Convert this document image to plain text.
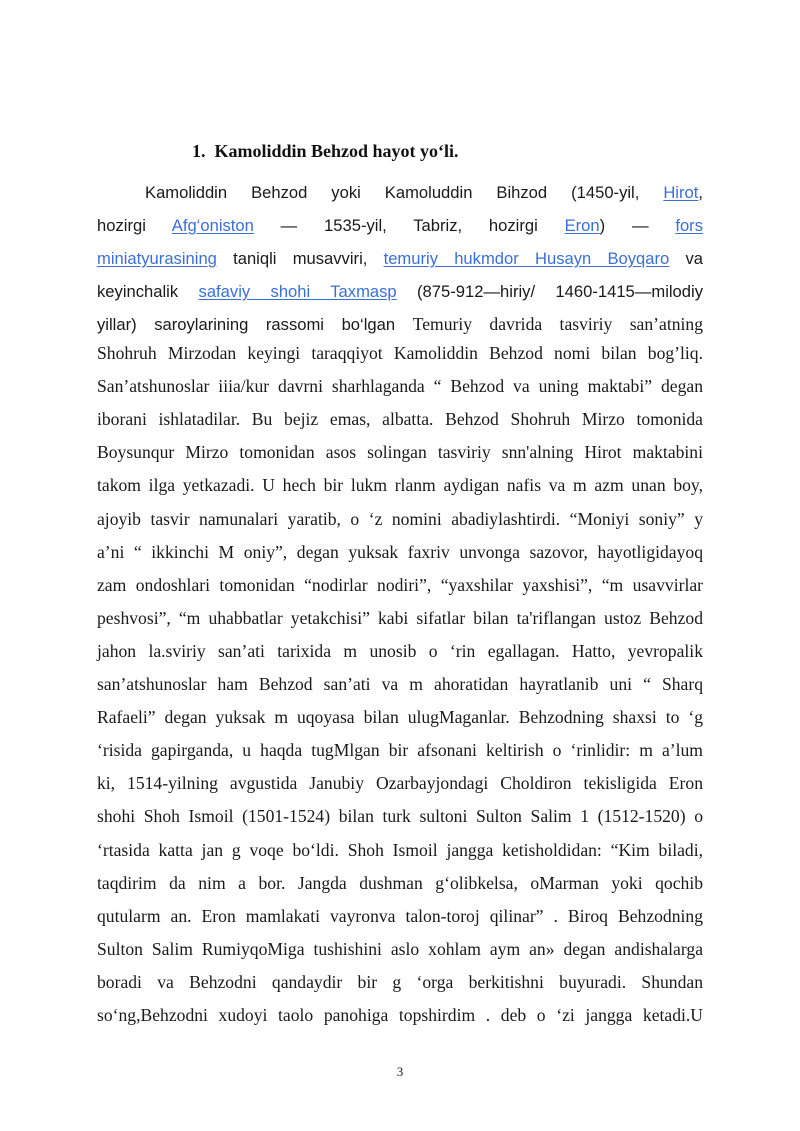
1. Kamoliddin Behzod hayot yo‘li.
Kamoliddin Behzod yoki Kamoluddin Bihzod (1450-yil, Hirot,
hozirgi Afg‘oniston — 1535-yil, Tabriz, hozirgi Eron) — fors
miniatyurasining taniqli musavviri, temuriy hukmdor Husayn Boyqaro va
keyinchalik safaviy shohi Taxmasp (875-912—hiriy/ 1460-1415—milodiy
yillar) saroylarining rassomi bo‘lgan Temuriy davrida tasviriy san’atning
Shohruh Mirzodan keyingi taraqqiyot Kamoliddin Behzod nomi bilan bog’liq.
San’atshunoslar iiia/kur davrni sharhlaganda “ Behzod va uning maktabi” degan
iborani ishlatadilar. Bu bejiz emas, albatta. Behzod Shohruh Mirzo tomonida
Boysunqur Mirzo tomonidan asos solingan tasviriy snn'alning Hirot maktabini
takom ilga yetkazadi. U hech bir lukm rlanm aydigan nafis va m azm unan boy,
ajoyib tasvir namunalari yaratib, o ‘z nomini abadiylashtirdi. “Moniyi soniy” y
a’ni “ ikkinchi M oniy”, degan yuksak faxriv unvonga sazovor, hayotligidayoq
zam ondoshlari tomonidan “nodirlar nodiri”, “yaxshilar yaxshisi”, “m usavvirlar
peshvosi”, “m uhabbatlar yetakchisi” kabi sifatlar bilan ta'riflangan ustoz Behzod
jahon la.sviriy san’ati tarixida m unosib o ‘rin egallagan. Hatto, yevropalik
san’atshunoslar ham Behzod san’ati va m ahoratidan hayratlanib uni “ Sharq
Rafaeli” degan yuksak m uqoyasa bilan ulugMaganlar. Behzodning shaxsi to ‘g
‘risida gapirganda, u haqda tugMlgan bir afsonani keltirish o ‘rinlidir: m a’lum
ki, 1514-yilning avgustida Janubiy Ozarbayjondagi Choldiron tekisligida Eron
shohi Shoh Ismoil (1501-1524) bilan turk sultoni Sulton Salim 1 (1512-1520) o
‘rtasida katta jan g voqe bo‘ldi. Shoh Ismoil jangga ketisholdidan: “Kim biladi,
taqdirim da nim a bor. Jangda dushman g‘olibkelsa, oMarman yoki qochib
qutularm an. Eron mamlakati vayronva talon-toroj qilinar” . Biroq Behzodning
Sulton Salim RumiyqoMiga tushishini aslo xohlam aym an» degan andishalarga
boradi va Behzodni qandaydir bir g ‘orga berkitishni buyuradi. Shundan
so‘ng,Behzodni xudoyi taolo panohiga topshirdim . deb o ‘zi jangga ketadi.U
3
